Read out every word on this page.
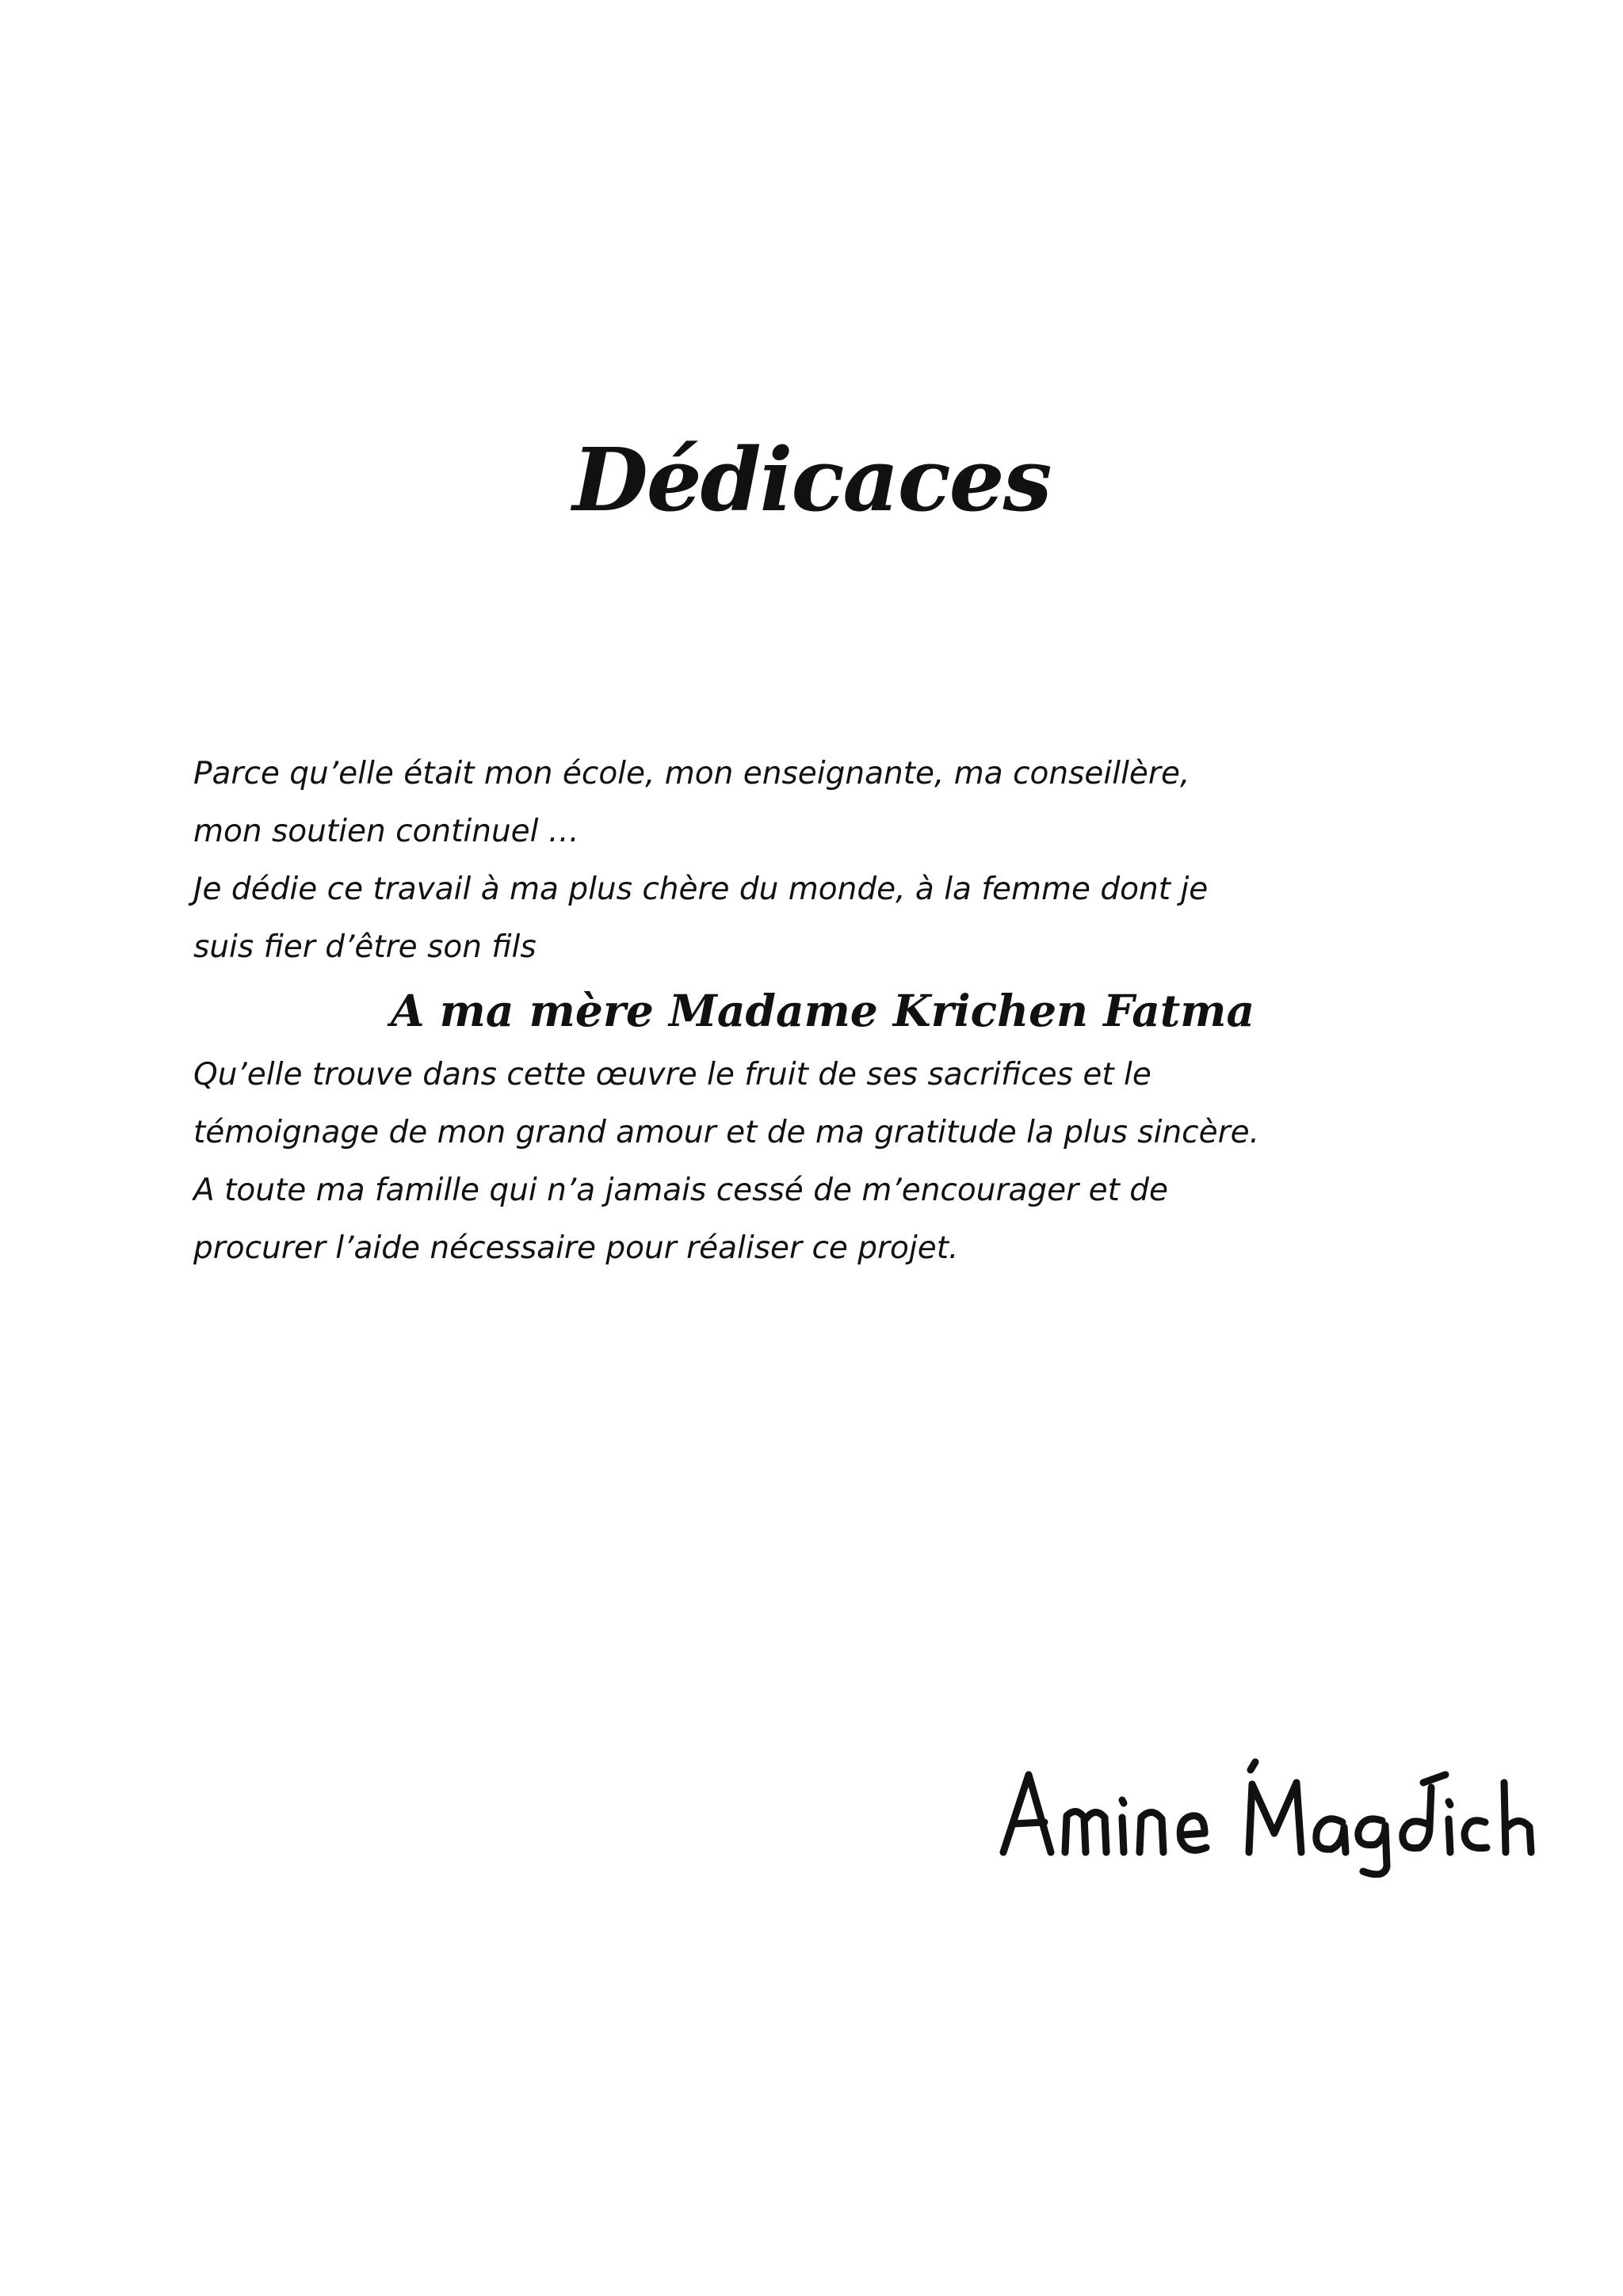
Dédicaces
Parce qu’elle était mon école, mon enseignante, ma conseillère,
mon soutien continuel …
Je dédie ce travail à ma plus chère du monde, à la femme dont je
suis fier d’être son fils
A ma mère Madame Krichen Fatma
Qu’elle trouve dans cette œuvre le fruit de ses sacrifices et le
témoignage de mon grand amour et de ma gratitude la plus sincère.
A toute ma famille qui n’a jamais cessé de m’encourager et de
procurer l’aide nécessaire pour réaliser ce projet.
